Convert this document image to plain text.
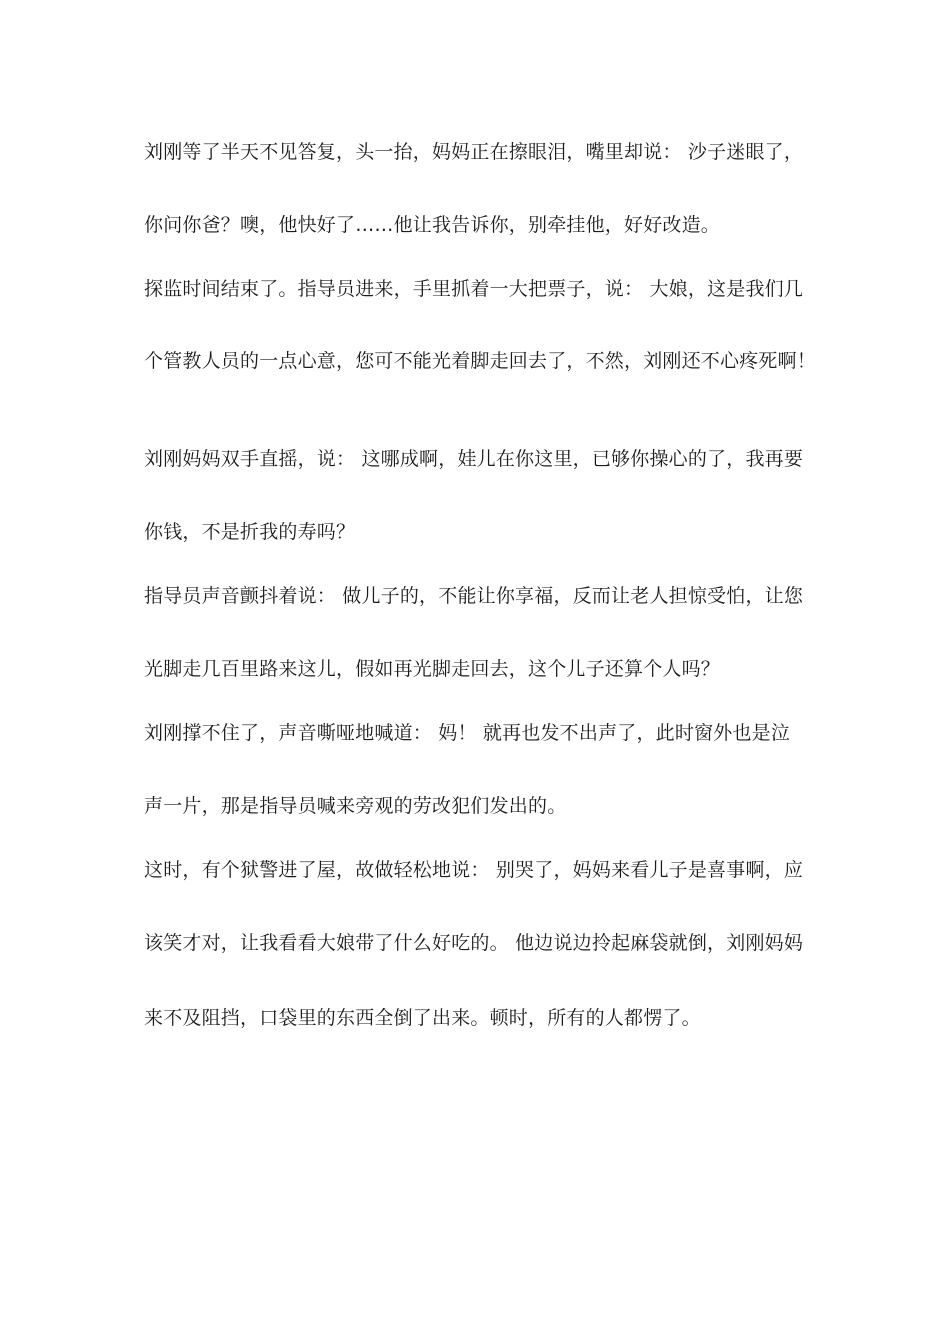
刘刚等了半天不见答复，头一抬，妈妈正在擦眼泪，嘴里却说： 沙子迷眼了，
你问你爸？噢，他快好了……他让我告诉你，别牵挂他，好好改造。
探监时间结束了。指导员进来，手里抓着一大把票子，说： 大娘，这是我们几
个管教人员的一点心意，您可不能光着脚走回去了，不然，刘刚还不心疼死啊！
刘刚妈妈双手直摇，说： 这哪成啊，娃儿在你这里，已够你操心的了，我再要
你钱，不是折我的寿吗？
指导员声音颤抖着说： 做儿子的，不能让你享福，反而让老人担惊受怕，让您
光脚走几百里路来这儿，假如再光脚走回去，这个儿子还算个人吗？
刘刚撑不住了，声音嘶哑地喊道： 妈！ 就再也发不出声了，此时窗外也是泣
声一片，那是指导员喊来旁观的劳改犯们发出的。
这时，有个狱警进了屋，故做轻松地说： 别哭了，妈妈来看儿子是喜事啊，应
该笑才对，让我看看大娘带了什么好吃的。 他边说边拎起麻袋就倒，刘刚妈妈
来不及阻挡，口袋里的东西全倒了出来。顿时，所有的人都愣了。
